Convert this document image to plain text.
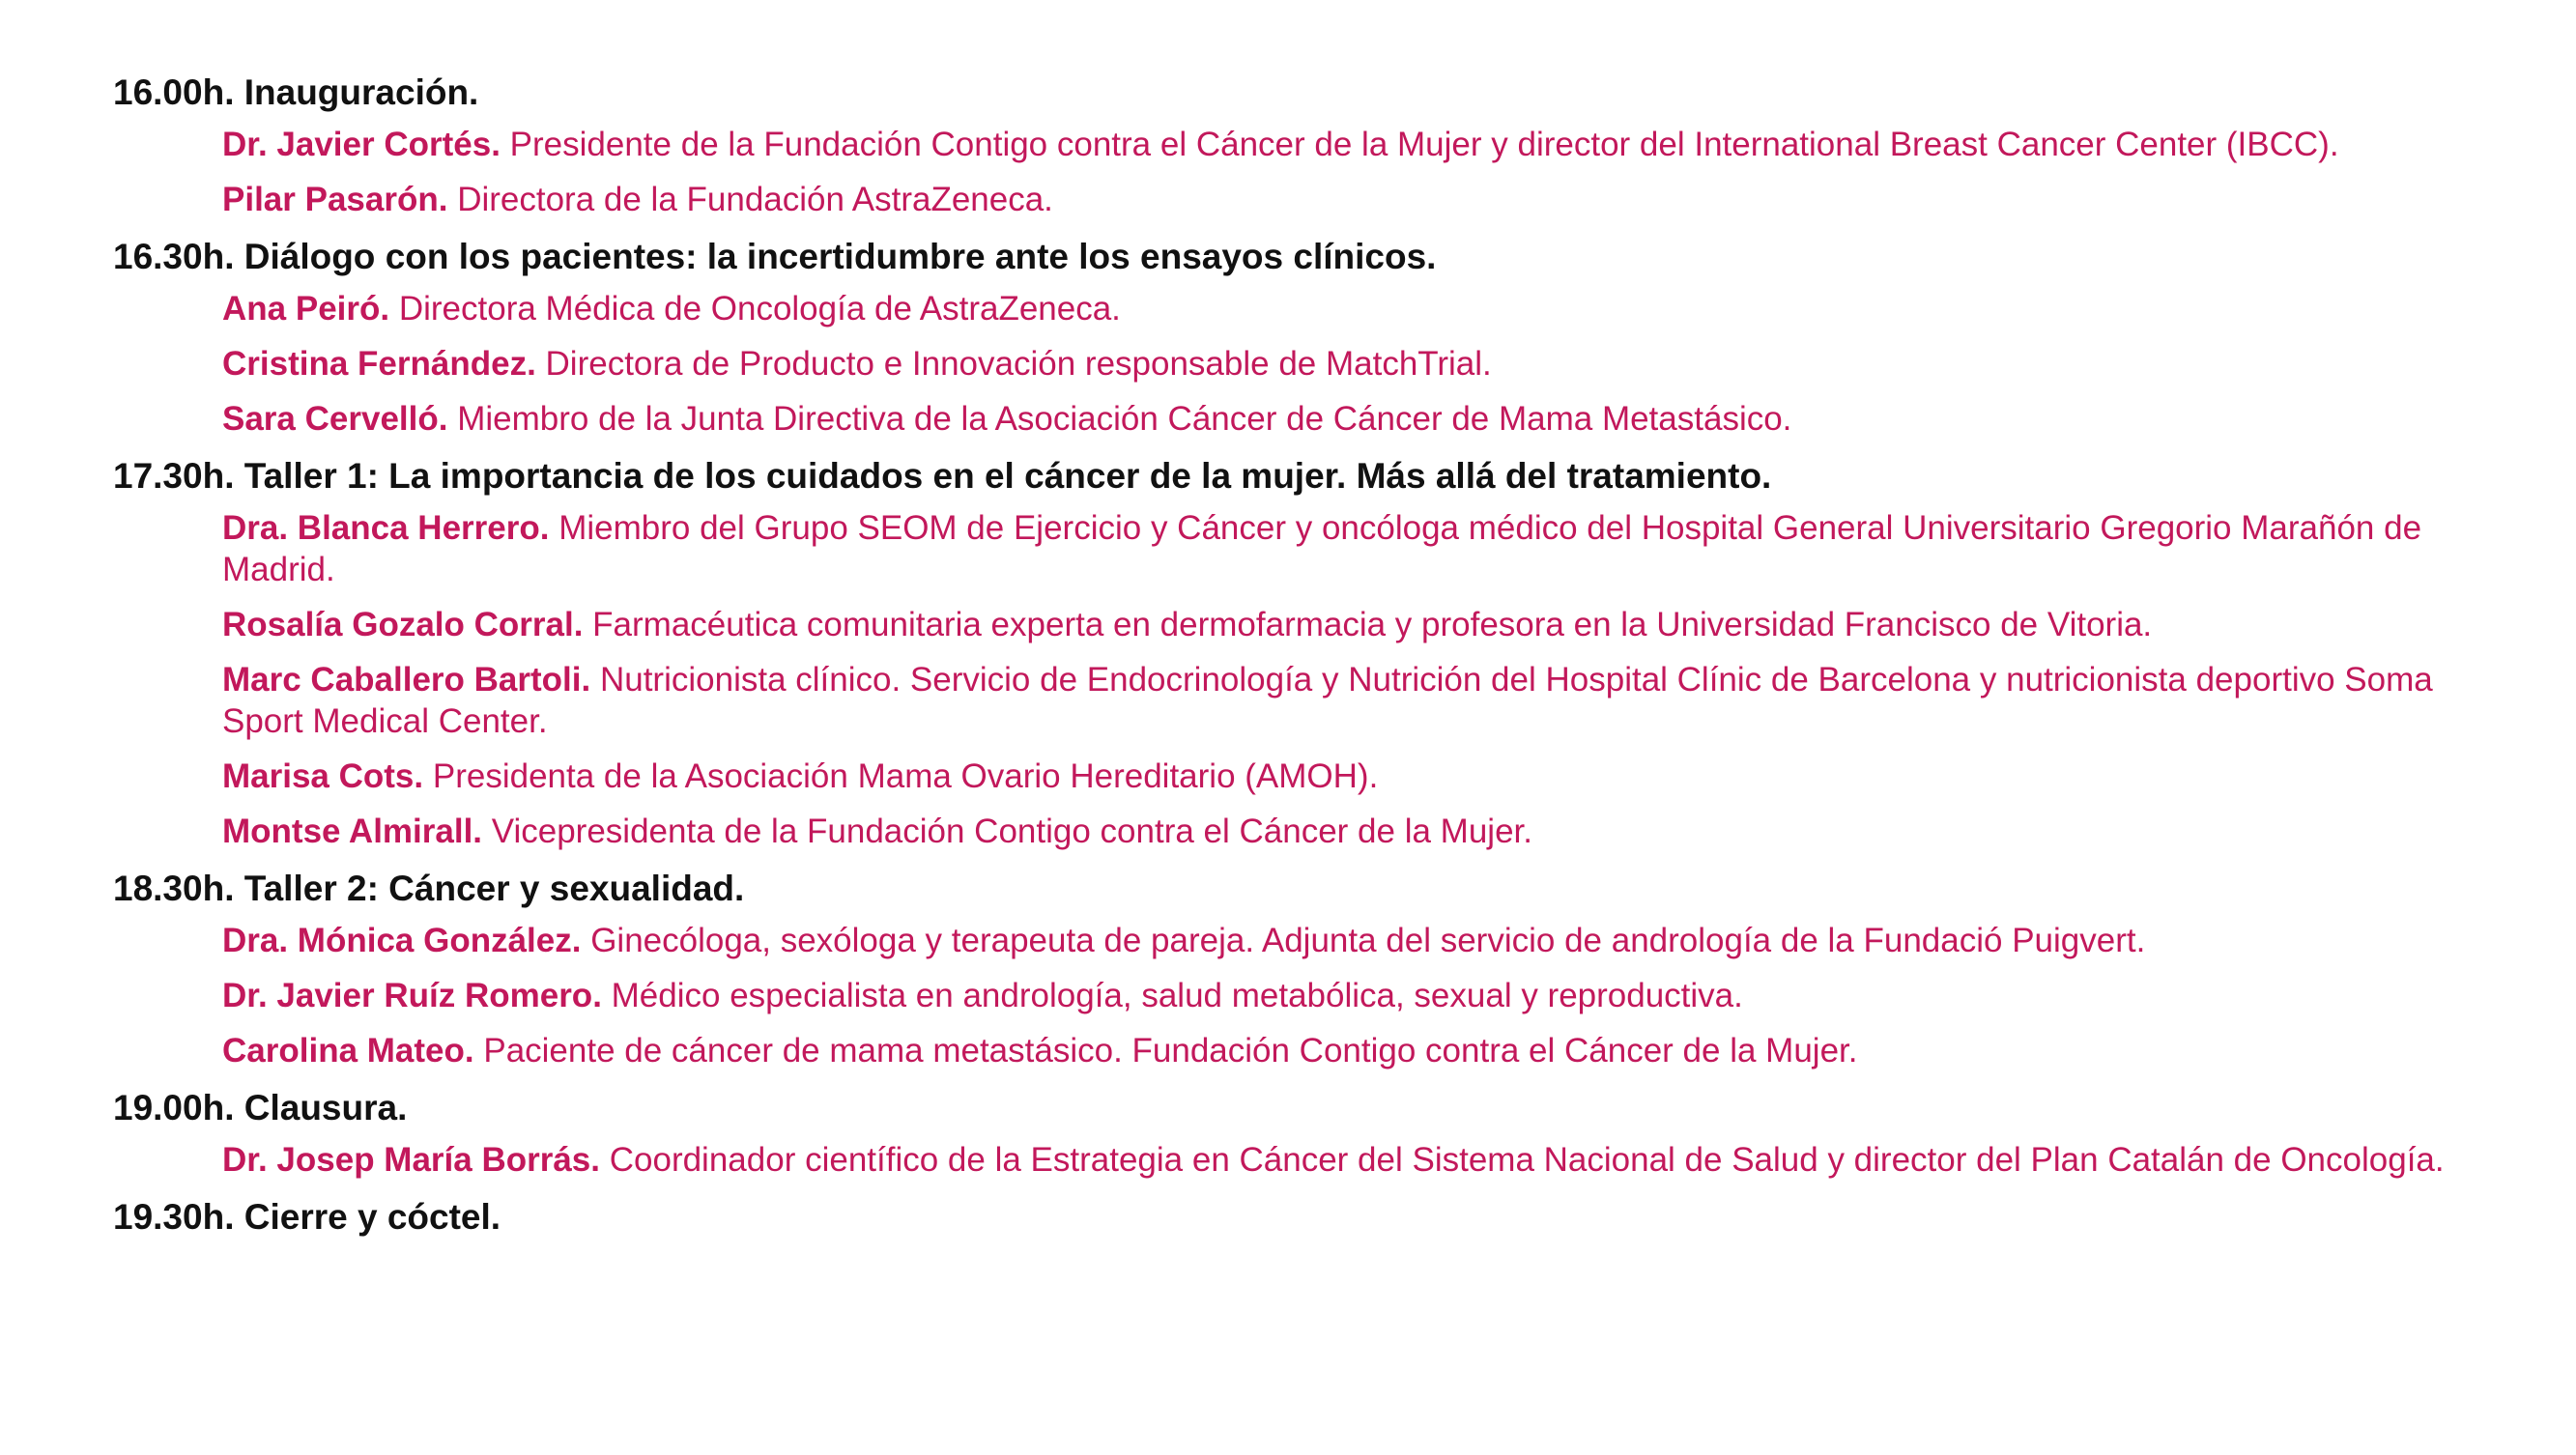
16.00h. Inauguración.

Dr. Javier Cortés. Presidente de la Fundación Contigo contra el Cáncer de la Mujer y director del International Breast Cancer Center (IBCC).

Pilar Pasarón. Directora de la Fundación AstraZeneca.

16.30h. Diálogo con los pacientes: la incertidumbre ante los ensayos clínicos.

Ana Peiró. Directora Médica de Oncología de AstraZeneca.

Cristina Fernández. Directora de Producto e Innovación responsable de MatchTrial.

Sara Cervelló. Miembro de la Junta Directiva de la Asociación Cáncer de Cáncer de Mama Metastásico.

17.30h. Taller 1: La importancia de los cuidados en el cáncer de la mujer. Más allá del tratamiento.

Dra. Blanca Herrero. Miembro del Grupo SEOM de Ejercicio y Cáncer y oncóloga médico del Hospital General Universitario Gregorio Marañón de Madrid.

Rosalía Gozalo Corral. Farmacéutica comunitaria experta en dermofarmacia y profesora en la Universidad Francisco de Vitoria.

Marc Caballero Bartoli. Nutricionista clínico. Servicio de Endocrinología y Nutrición del Hospital Clínic de Barcelona y nutricionista deportivo Soma Sport Medical Center.

Marisa Cots. Presidenta de la Asociación Mama Ovario Hereditario (AMOH).

Montse Almirall. Vicepresidenta de la Fundación Contigo contra el Cáncer de la Mujer.

18.30h. Taller 2: Cáncer y sexualidad.

Dra. Mónica González. Ginecóloga, sexóloga y terapeuta de pareja. Adjunta del servicio de andrología de la Fundació Puigvert.

Dr. Javier Ruíz Romero. Médico especialista en andrología, salud metabólica, sexual y reproductiva.

Carolina Mateo. Paciente de cáncer de mama metastásico. Fundación Contigo contra el Cáncer de la Mujer.

19.00h. Clausura.

Dr. Josep María Borrás. Coordinador científico de la Estrategia en Cáncer del Sistema Nacional de Salud y director del Plan Catalán de Oncología.

19.30h. Cierre y cóctel.
